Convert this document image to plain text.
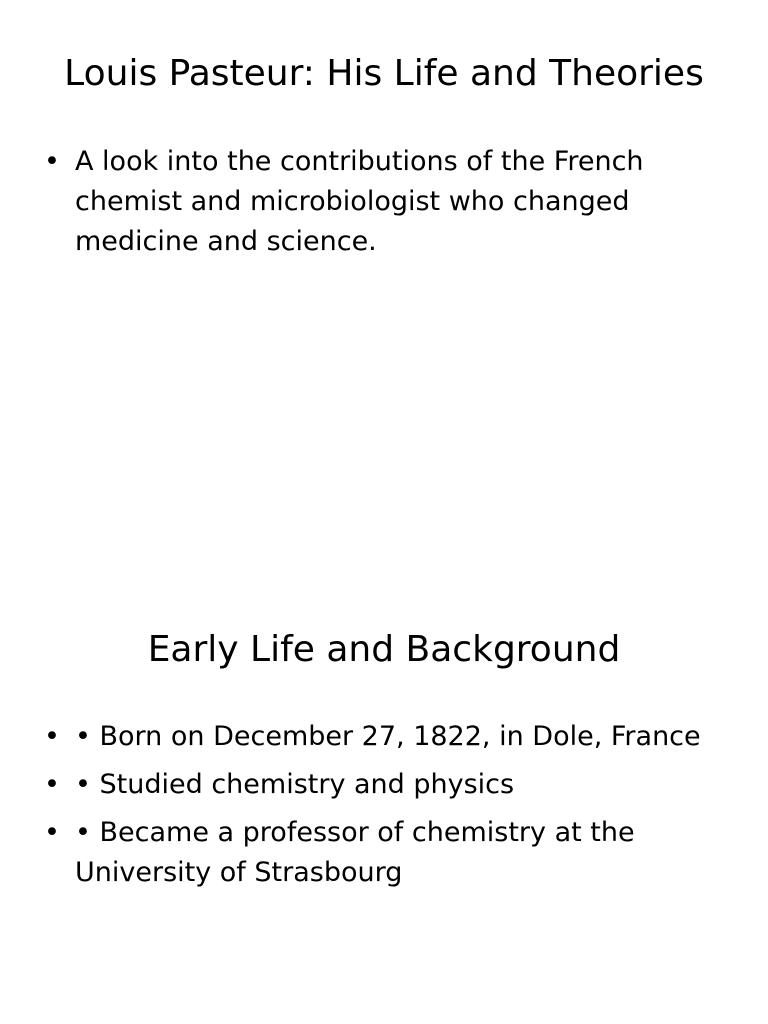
Louis Pasteur: His Life and Theories
• A look into the contributions of the French chemist and microbiologist who changed medicine and science.
Early Life and Background
• • Born on December 27, 1822, in Dole, France
• • Studied chemistry and physics
• • Became a professor of chemistry at the University of Strasbourg
